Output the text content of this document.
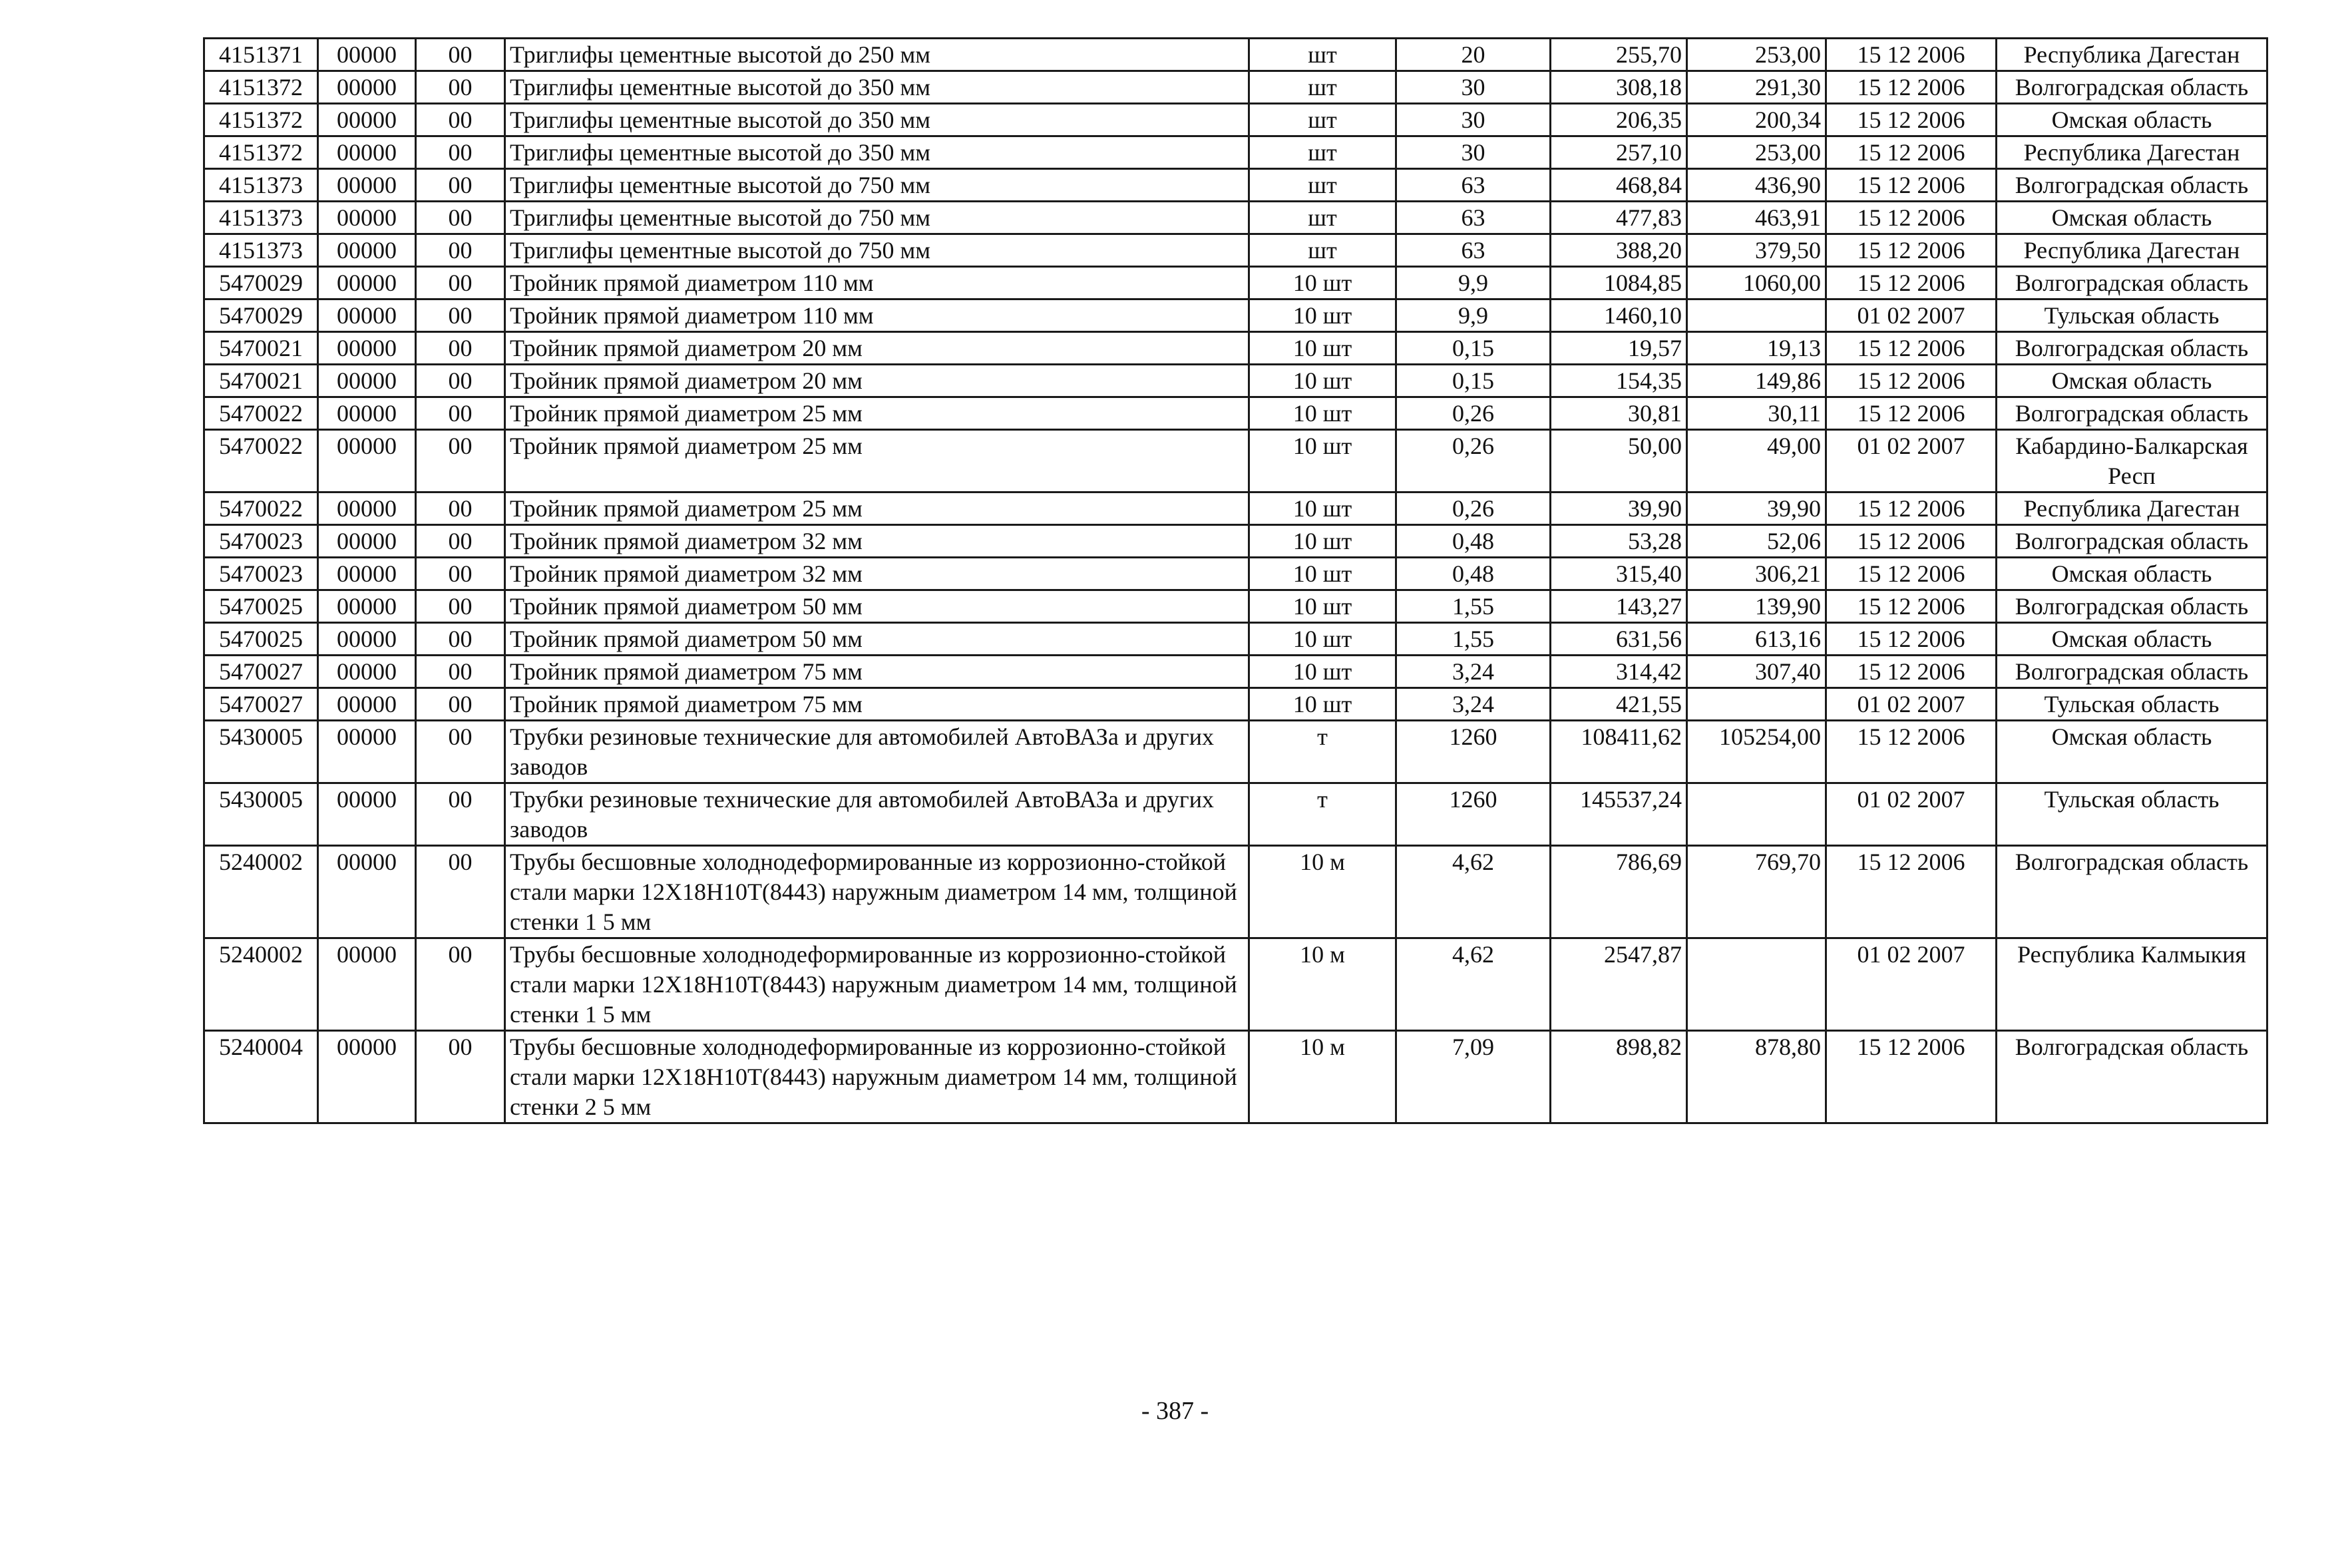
4151371	00000	00	Триглифы цементные высотой до 250 мм	шт	20	255,70	253,00	15 12 2006	Республика Дагестан
4151372	00000	00	Триглифы цементные высотой до 350 мм	шт	30	308,18	291,30	15 12 2006	Волгоградская область
4151372	00000	00	Триглифы цементные высотой до 350 мм	шт	30	206,35	200,34	15 12 2006	Омская область
4151372	00000	00	Триглифы цементные высотой до 350 мм	шт	30	257,10	253,00	15 12 2006	Республика Дагестан
4151373	00000	00	Триглифы цементные высотой до 750 мм	шт	63	468,84	436,90	15 12 2006	Волгоградская область
4151373	00000	00	Триглифы цементные высотой до 750 мм	шт	63	477,83	463,91	15 12 2006	Омская область
4151373	00000	00	Триглифы цементные высотой до 750 мм	шт	63	388,20	379,50	15 12 2006	Республика Дагестан
5470029	00000	00	Тройник прямой диаметром 110 мм	10 шт	9,9	1084,85	1060,00	15 12 2006	Волгоградская область
5470029	00000	00	Тройник прямой диаметром 110 мм	10 шт	9,9	1460,10		01 02 2007	Тульская область
5470021	00000	00	Тройник прямой диаметром 20 мм	10 шт	0,15	19,57	19,13	15 12 2006	Волгоградская область
5470021	00000	00	Тройник прямой диаметром 20 мм	10 шт	0,15	154,35	149,86	15 12 2006	Омская область
5470022	00000	00	Тройник прямой диаметром 25 мм	10 шт	0,26	30,81	30,11	15 12 2006	Волгоградская область
5470022	00000	00	Тройник прямой диаметром 25 мм	10 шт	0,26	50,00	49,00	01 02 2007	Кабардино-Балкарская Респ
5470022	00000	00	Тройник прямой диаметром 25 мм	10 шт	0,26	39,90	39,90	15 12 2006	Республика Дагестан
5470023	00000	00	Тройник прямой диаметром 32 мм	10 шт	0,48	53,28	52,06	15 12 2006	Волгоградская область
5470023	00000	00	Тройник прямой диаметром 32 мм	10 шт	0,48	315,40	306,21	15 12 2006	Омская область
5470025	00000	00	Тройник прямой диаметром 50 мм	10 шт	1,55	143,27	139,90	15 12 2006	Волгоградская область
5470025	00000	00	Тройник прямой диаметром 50 мм	10 шт	1,55	631,56	613,16	15 12 2006	Омская область
5470027	00000	00	Тройник прямой диаметром 75 мм	10 шт	3,24	314,42	307,40	15 12 2006	Волгоградская область
5470027	00000	00	Тройник прямой диаметром 75 мм	10 шт	3,24	421,55		01 02 2007	Тульская область
5430005	00000	00	Трубки резиновые технические для автомобилей АвтоВАЗа и других заводов	т	1260	108411,62	105254,00	15 12 2006	Омская область
5430005	00000	00	Трубки резиновые технические для автомобилей АвтоВАЗа и других заводов	т	1260	145537,24		01 02 2007	Тульская область
5240002	00000	00	Трубы бесшовные холоднодеформированные из коррозионно-стойкой стали марки 12Х18Н10Т(8443) наружным диаметром 14 мм, толщиной стенки 1 5 мм	10 м	4,62	786,69	769,70	15 12 2006	Волгоградская область
5240002	00000	00	Трубы бесшовные холоднодеформированные из коррозионно-стойкой стали марки 12Х18Н10Т(8443) наружным диаметром 14 мм, толщиной стенки 1 5 мм	10 м	4,62	2547,87		01 02 2007	Республика Калмыкия
5240004	00000	00	Трубы бесшовные холоднодеформированные из коррозионно-стойкой стали марки 12Х18Н10Т(8443) наружным диаметром 14 мм, толщиной стенки 2 5 мм	10 м	7,09	898,82	878,80	15 12 2006	Волгоградская область
- 387 -
